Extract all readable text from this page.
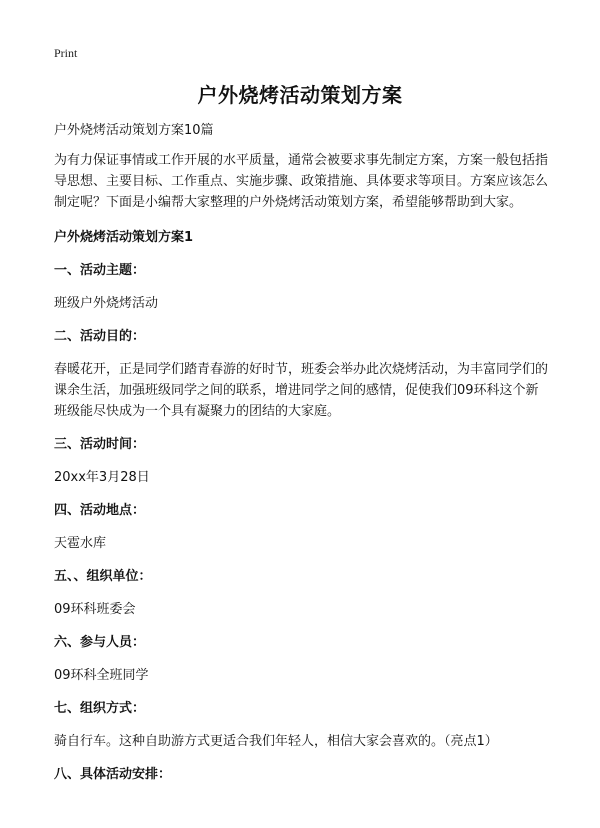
Print
户外烧烤活动策划方案

户外烧烤活动策划方案10篇

为有力保证事情或工作开展的水平质量，通常会被要求事先制定方案，方案一般包括指导思想、主要目标、工作重点、实施步骤、政策措施、具体要求等项目。方案应该怎么制定呢？下面是小编帮大家整理的户外烧烤活动策划方案，希望能够帮助到大家。

户外烧烤活动策划方案1

一、活动主题：

班级户外烧烤活动

二、活动目的：

春暖花开，正是同学们踏青春游的好时节，班委会举办此次烧烤活动，为丰富同学们的课余生活，加强班级同学之间的联系，增进同学之间的感情，促使我们09环科这个新班级能尽快成为一个具有凝聚力的团结的大家庭。

三、活动时间：

20xx年3月28日

四、活动地点：

天雹水库

五、、组织单位：

09环科班委会

六、参与人员：

09环科全班同学

七、组织方式：

骑自行车。这种自助游方式更适合我们年轻人，相信大家会喜欢的。（亮点1）

八、具体活动安排：
